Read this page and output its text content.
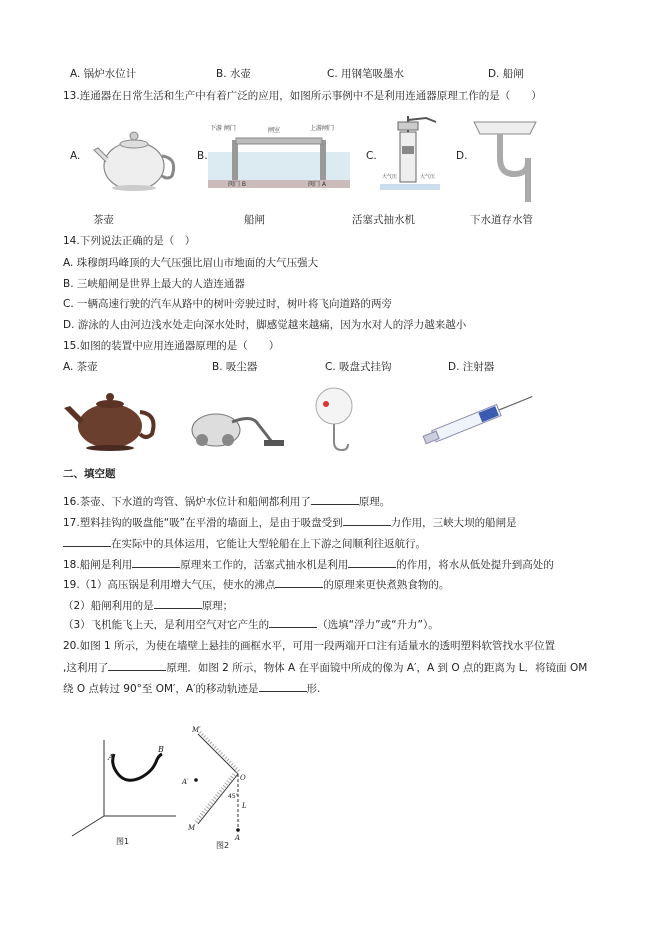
A. 锅炉水位计	B. 水壶	C. 用钢笔吸墨水	D. 船闸
13.连通器在日常生活和生产中有着广泛的应用，如图所示事例中不是利用连通器原理工作的是（　　）
A.
茶壶
B.
下游 闸门	闸室	上游闸门
阀门 B	阀门 A
船闸
C.
大气压	大气压
活塞式抽水机
D.
下水道存水管
14.下列说法正确的是（　）
A. 珠穆朗玛峰顶的大气压强比眉山市地面的大气压强大
B. 三峡船闸是世界上最大的人造连通器
C. 一辆高速行驶的汽车从路中的树叶旁驶过时，树叶将飞向道路的两旁
D. 游泳的人由河边浅水处走向深水处时，脚感觉越来越痛，因为水对人的浮力越来越小
15.如图的装置中应用连通器原理的是（　　）
A. 茶壶	B. 吸尘器	C. 吸盘式挂钩	D. 注射器
二、填空题
16.茶壶、下水道的弯管、锅炉水位计和船闸都利用了	原理。
17.塑料挂钩的吸盘能“吸”在平滑的墙面上，是由于吸盘受到	力作用，三峡大坝的船闸是
在实际中的具体运用，它能让大型轮船在上下游之间顺利往返航行。
18.船闸是利用	原理来工作的，活塞式抽水机是利用	的作用，将水从低处提升到高处的
19.（1）高压锅是利用增大气压，使水的沸点	的原理来更快煮熟食物的。
（2）船闸利用的是	原理；
（3）飞机能飞上天，是利用空气对它产生的	（选填“浮力”或“升力”）。
20.如图 1 所示，为使在墙壁上悬挂的画框水平，可用一段两端开口注有适量水的透明塑料软管找水平位置
,这利用了	原理．如图 2 所示，物体 A 在平面镜中所成的像为 A′，A 到 O 点的距离为 L．将镜面 OM
绕 O 点转过 90°至 OM′，A′的移动轨迹是	形.
A
B
图1
M′
A′	O
45°
L
M
A
图2
